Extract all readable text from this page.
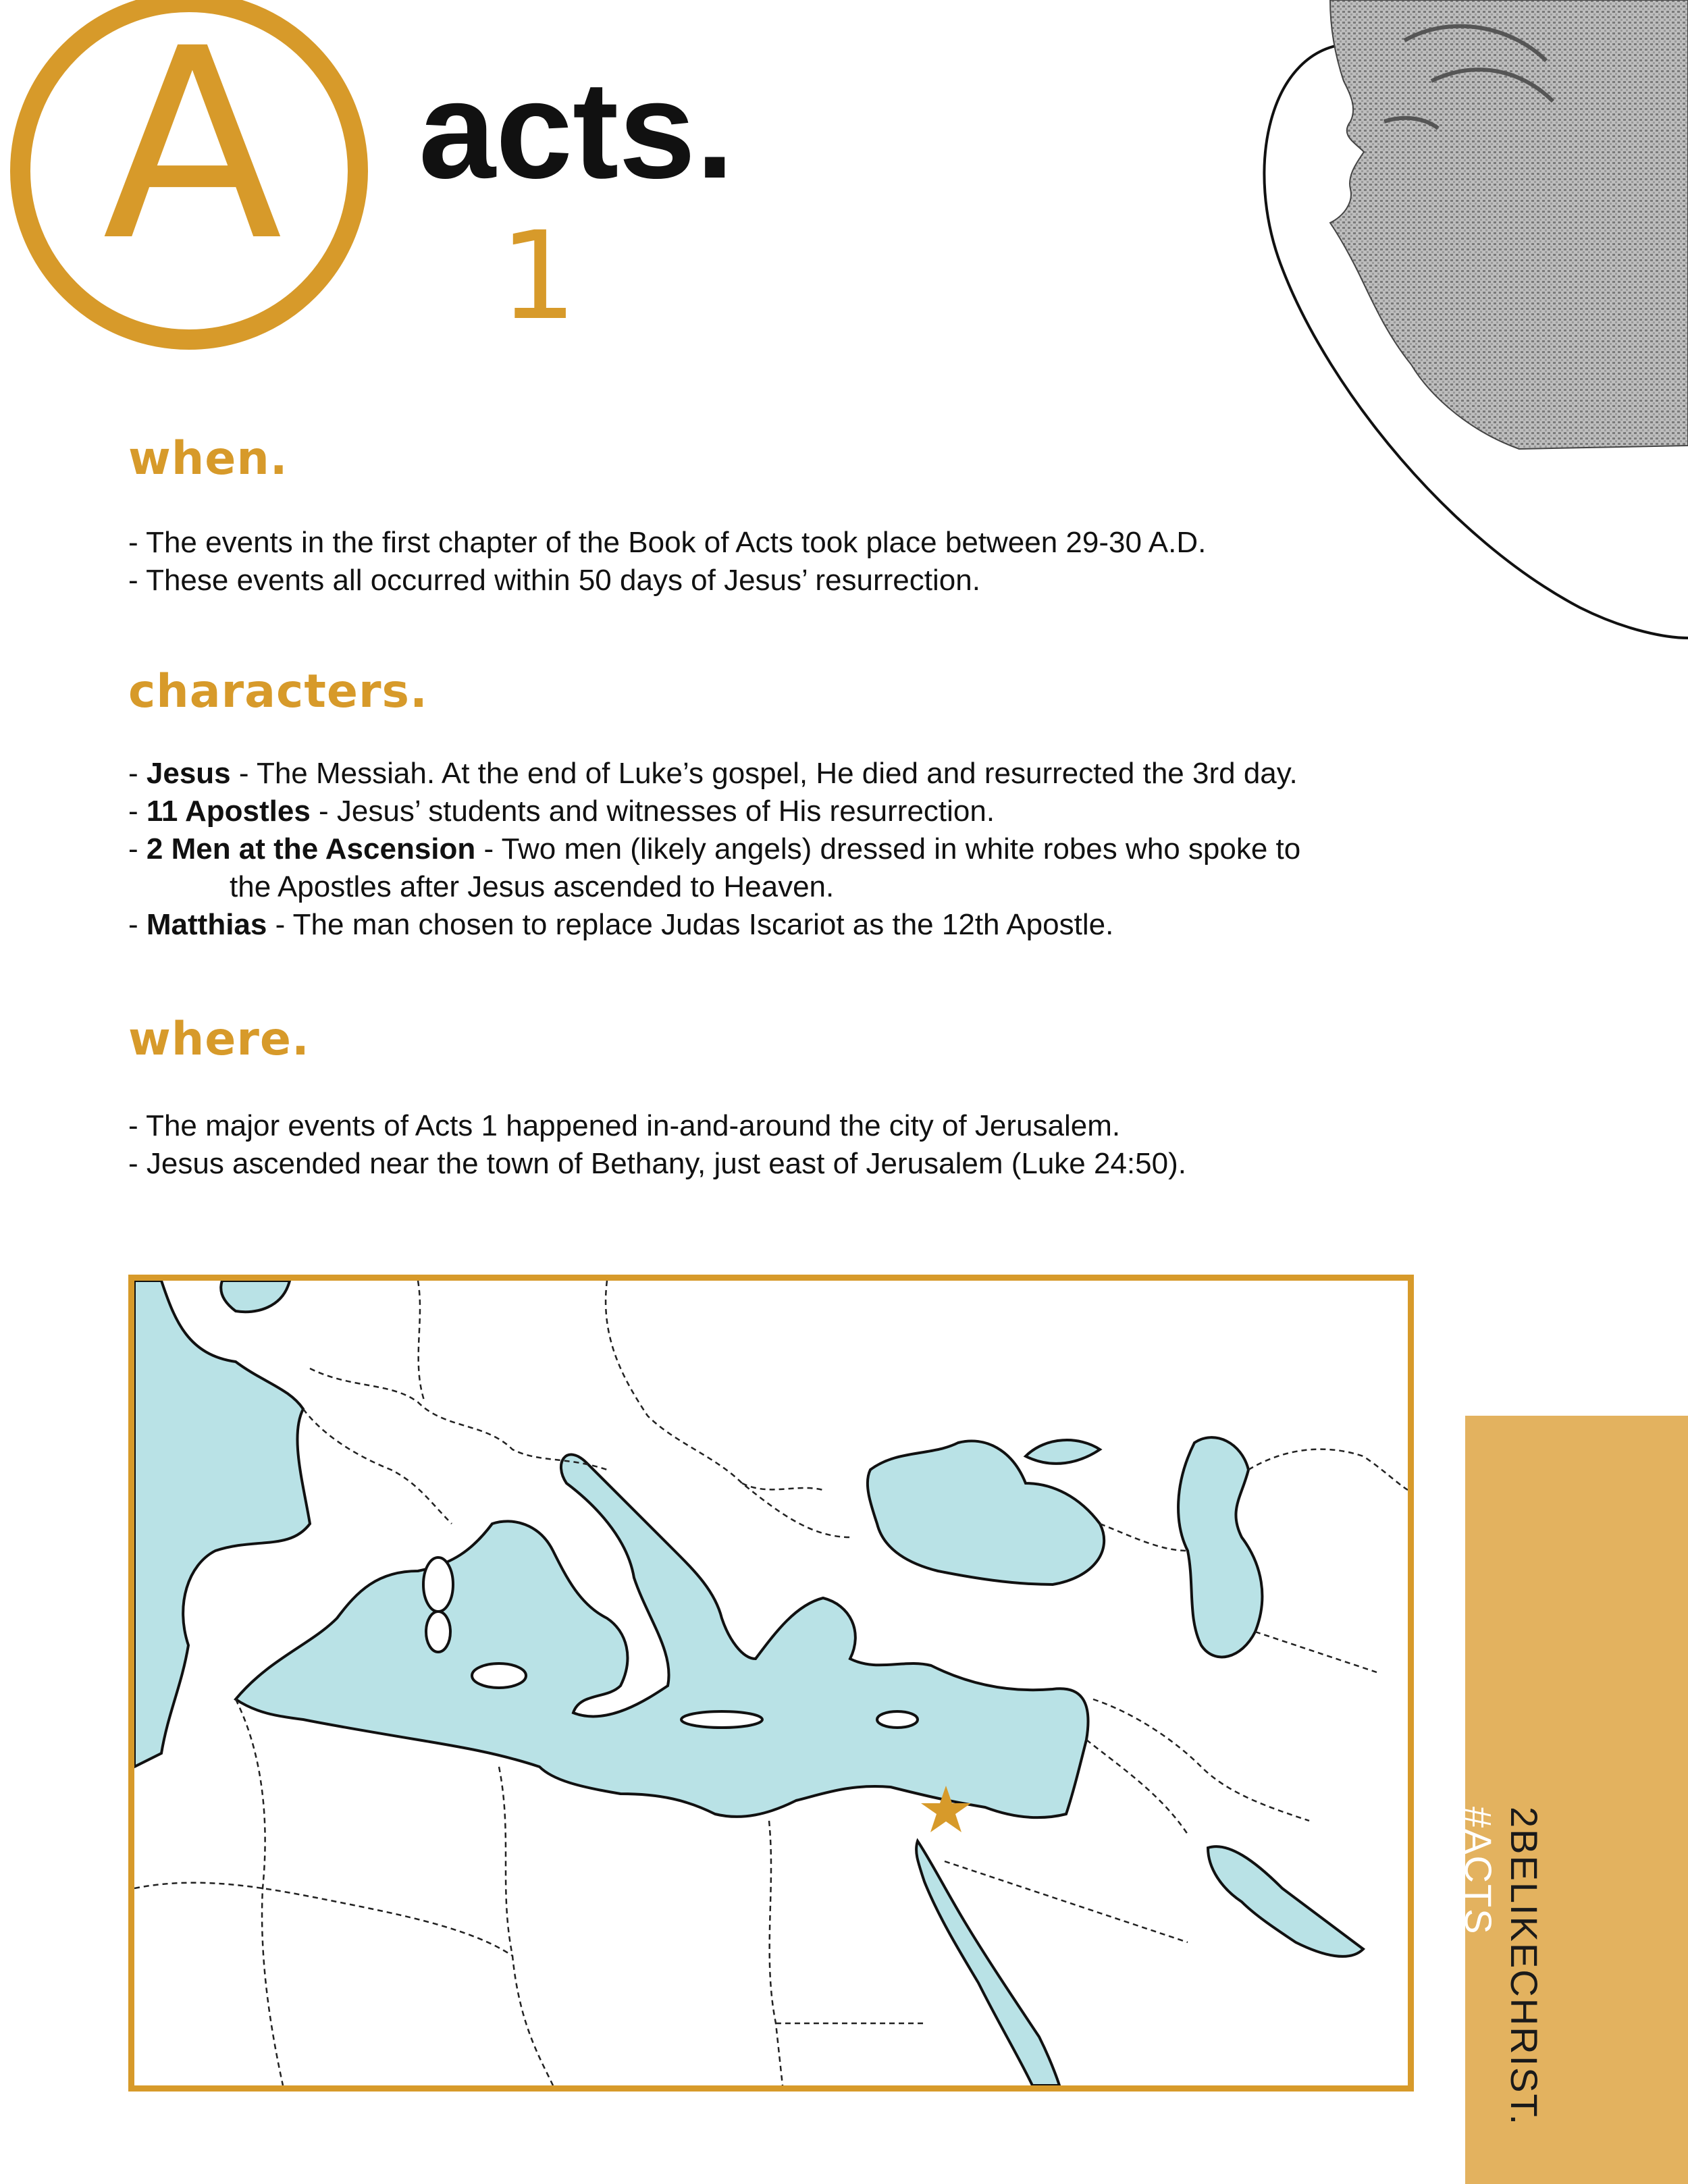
A acts.
1
when.
- The events in the first chapter of the Book of Acts took place between 29-30 A.D.
- These events all occurred within 50 days of Jesus’ resurrection.
characters.
- Jesus - The Messiah. At the end of Luke’s gospel, He died and resurrected the 3rd day.
- 11 Apostles - Jesus’ students and witnesses of His resurrection.
- 2 Men at the Ascension - Two men (likely angels) dressed in white robes who spoke to
the Apostles after Jesus ascended to Heaven.
- Matthias - The man chosen to replace Judas Iscariot as the 12th Apostle.
where.
- The major events of Acts 1 happened in-and-around the city of Jerusalem.
- Jesus ascended near the town of Bethany, just east of Jerusalem (Luke 24:50).
#ACTS 2BELIKECHRIST.
